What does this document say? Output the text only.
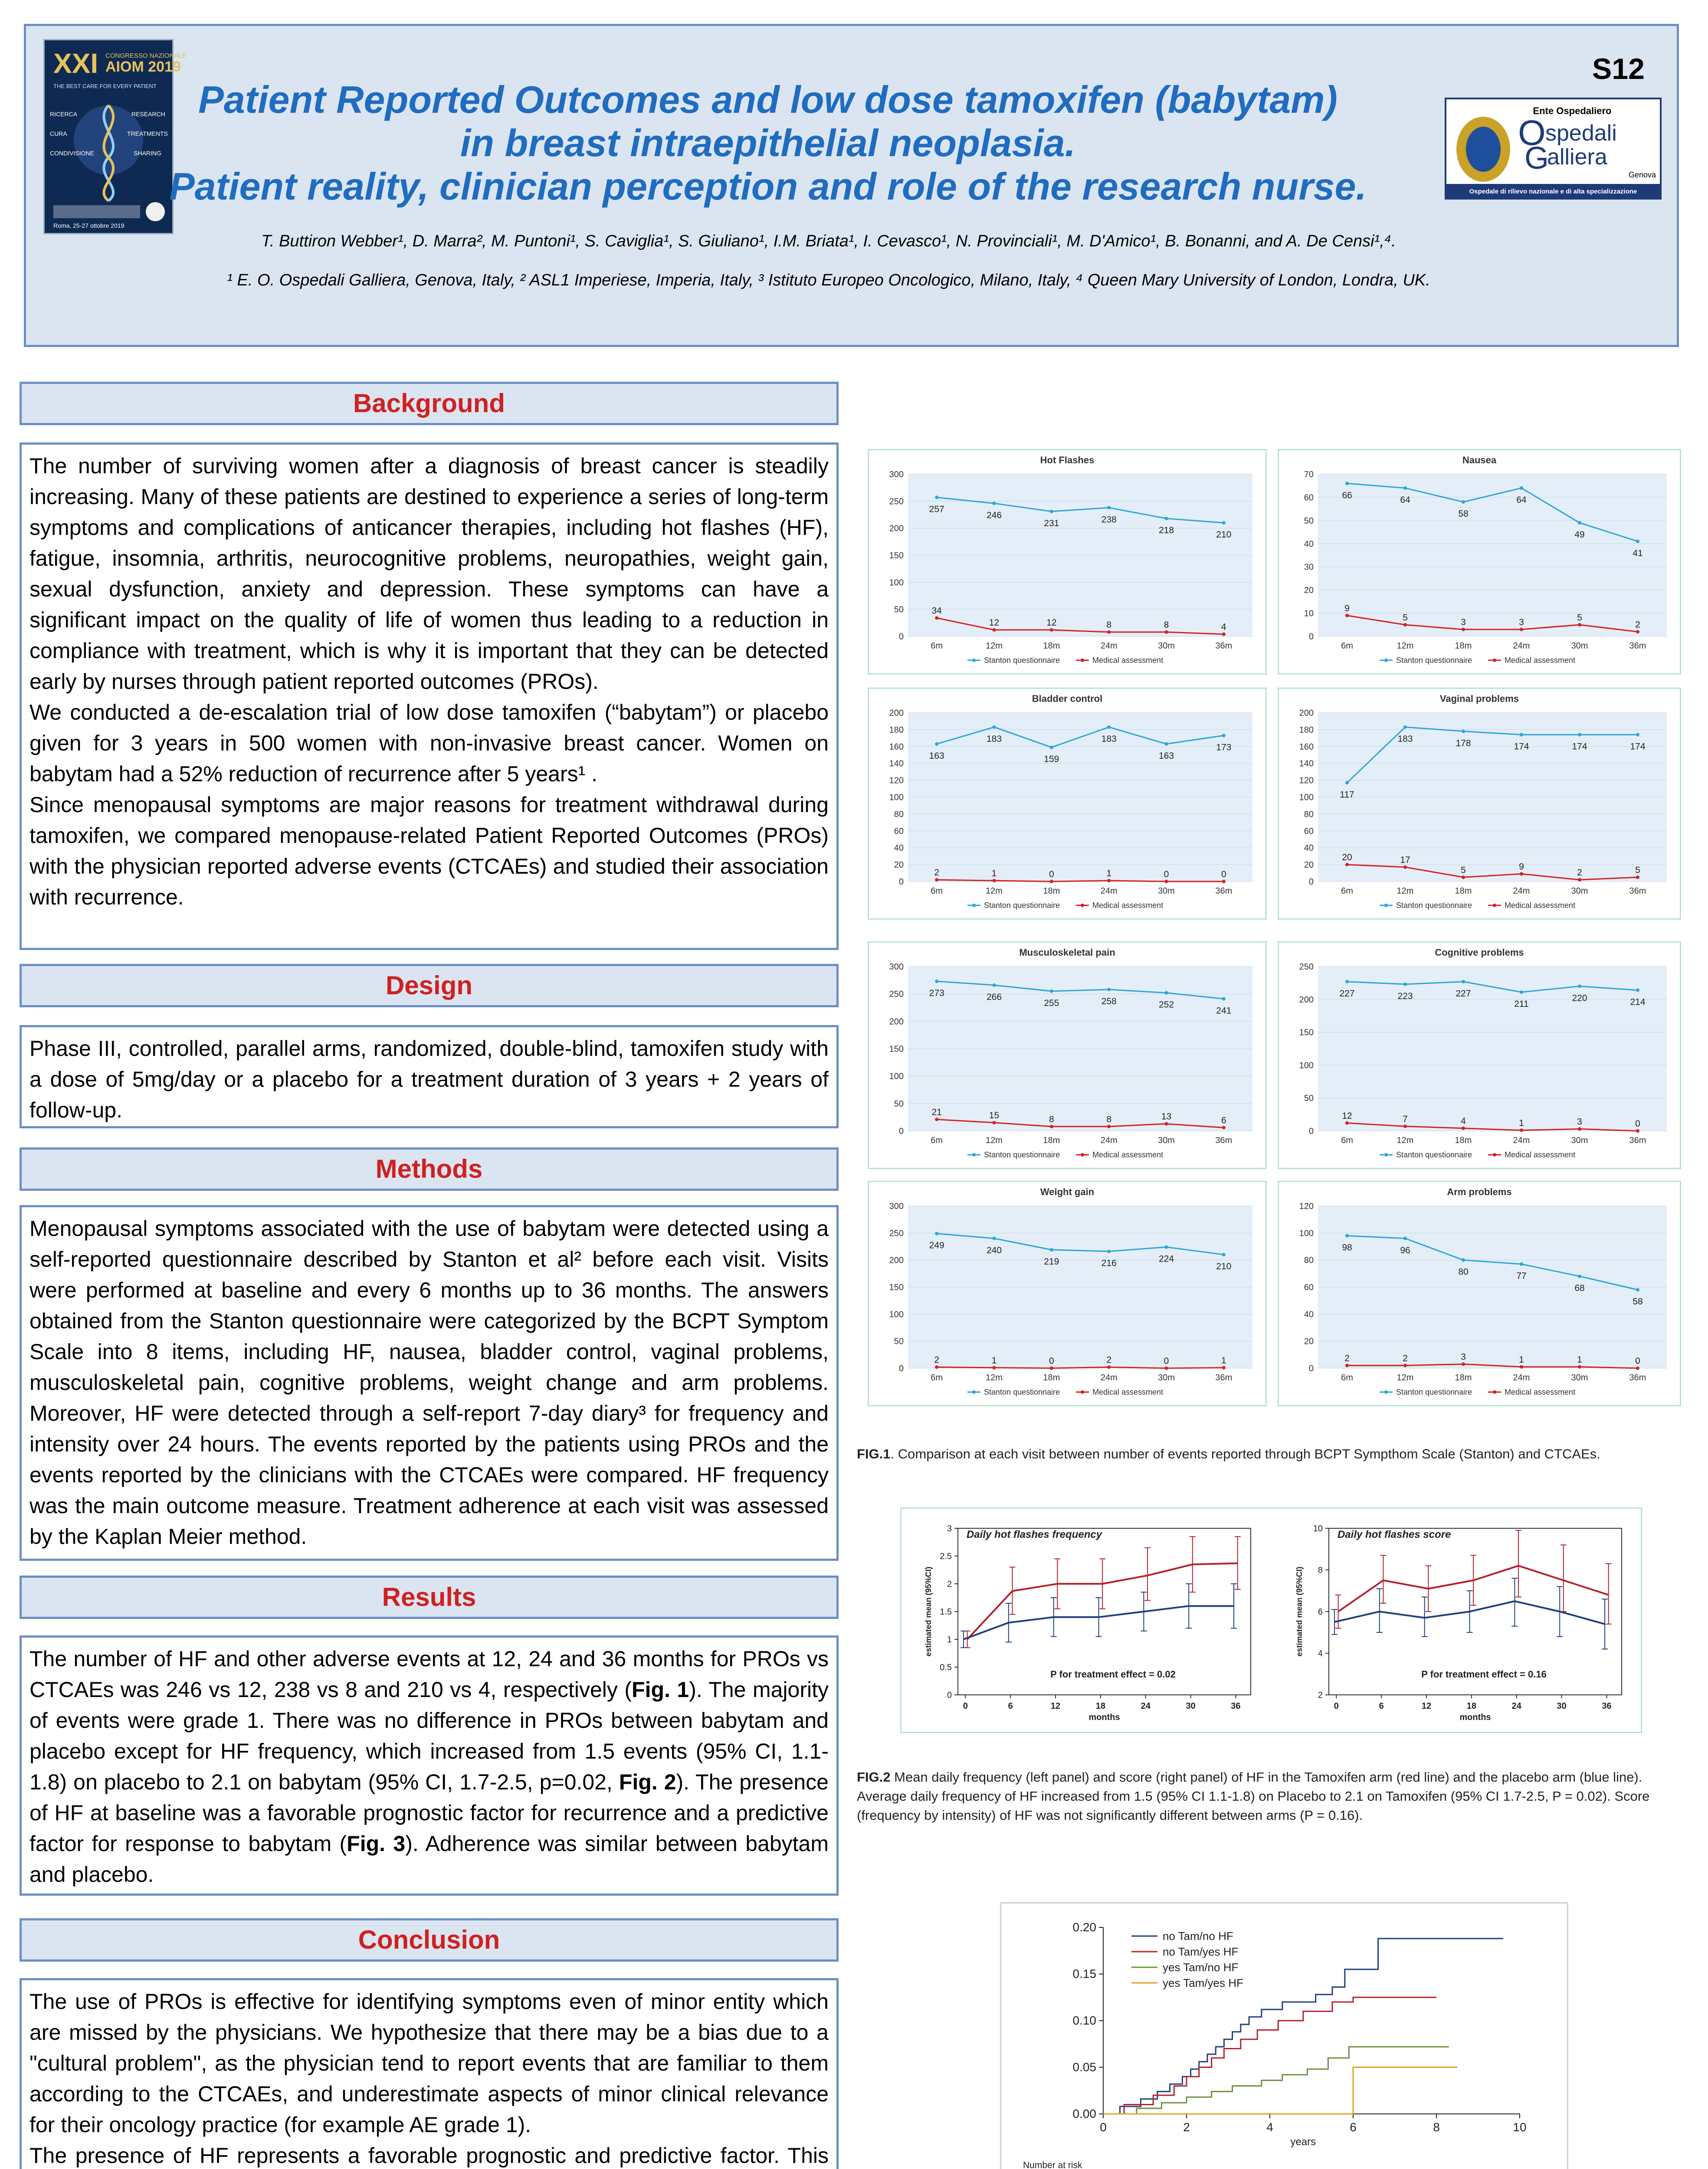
XXI CONGRESSO NAZIONALE
AIOM 2019
THE BEST CARE FOR EVERY PATIENT
RICERCA	RESEARCH
CURA	TREATMENTS
CONDIVISIONE	SHARING
Roma, 25-27 ottobre 2019
Patient Reported Outcomes and low dose tamoxifen (babytam)
in breast intraepithelial neoplasia.
Patient reality, clinician perception and role of the research nurse.
S12
T. Buttiron Webber¹, D. Marra², M. Puntoni¹, S. Caviglia¹, S. Giuliano¹, I.M. Briata¹, I. Cevasco¹, N. Provinciali¹, M. D'Amico¹, B. Bonanni, and A. De Censi¹,⁴.
¹ E. O. Ospedali Galliera, Genova, Italy, ² ASL1 Imperiese, Imperia, Italy, ³ Istituto Europeo Oncologico, Milano, Italy, ⁴ Queen Mary University of London, Londra, UK.
Ente Ospedaliero
O spedali
G
alliera
Genova
Ospedale di rilievo nazionale e di alta specializzazione
Background

The number of surviving women after a diagnosis of breast cancer is steadily increasing. Many of these patients are destined to experience a series of long-term symptoms and complications of anticancer therapies, including hot flashes (HF), fatigue, insomnia, arthritis, neurocognitive problems, neuropathies, weight gain, sexual dysfunction, anxiety and depression. These symptoms can have a significant impact on the quality of life of women thus leading to a reduction in compliance with treatment, which is why it is important that they can be detected early by nurses through patient reported outcomes (PROs).

We conducted a de-escalation trial of low dose tamoxifen (“babytam”) or placebo given for 3 years in 500 women with non-invasive breast cancer. Women on babytam had a 52% reduction of recurrence after 5 years¹ .

Since menopausal symptoms are major reasons for treatment withdrawal during tamoxifen, we compared menopause-related Patient Reported Outcomes (PROs) with the physician reported adverse events (CTCAEs) and studied their association with recurrence.

Design

Phase III, controlled, parallel arms, randomized, double-blind, tamoxifen study with a dose of 5mg/day or a placebo for a treatment duration of 3 years + 2 years of follow-up.

Methods

Menopausal symptoms associated with the use of babytam were detected using a self-reported questionnaire described by Stanton et al² before each visit. Visits were performed at baseline and every 6 months up to 36 months. The answers obtained from the Stanton questionnaire were categorized by the BCPT Symptom Scale into 8 items, including HF, nausea, bladder control, vaginal problems, musculoskeletal pain, cognitive problems, weight change and arm problems. Moreover, HF were detected through a self-report 7-day diary³ for frequency and intensity over 24 hours. The events reported by the patients using PROs and the events reported by the clinicians with the CTCAEs were compared. HF frequency was the main outcome measure. Treatment adherence at each visit was assessed by the Kaplan Meier method.

Results

The number of HF and other adverse events at 12, 24 and 36 months for PROs vs CTCAEs was 246 vs 12, 238 vs 8 and 210 vs 4, respectively (Fig. 1). The majority of events were grade 1. There was no difference in PROs between babytam and placebo except for HF frequency, which increased from 1.5 events (95% CI, 1.1-1.8) on placebo to 2.1 on babytam (95% CI, 1.7-2.5, p=0.02, Fig. 2). The presence of HF at baseline was a favorable prognostic factor for recurrence and a predictive factor for response to babytam (Fig. 3). Adherence was similar between babytam and placebo.

Conclusion

The use of PROs is effective for identifying symptoms even of minor entity which are missed by the physicians. We hypothesize that there may be a bias due to a "cultural problem", as the physician tend to report events that are familiar to them according to the CTCAEs, and underestimate aspects of minor clinical relevance for their oncology practice (for example AE grade 1).

The presence of HF represents a favorable prognostic and predictive factor. This

Hot Flashes
0
50
100
150
200
250
300
6m	12m	18m	24m	30m	36m
257
246
231	238
218	210
Stanton questionnaire
34
12	12	8	8	4
Medical assessment
Nausea
0
10
20
30
40
50
60
70
6m	12m	18m	24m	30m	36m
66	64
58
64
49
41
Stanton questionnaire
9
5	3	3	5
2
Medical assessment
Bladder control
0
20
40
60
80
100
120
140
160
180
200
6m	12m	18m	24m	30m	36m
163
183
159
183
163
173
Stanton questionnaire
2	1	0	1	0	0
Medical assessment
Vaginal problems
0
20
40
60
80
100
120
140
160
180
200
6m	12m	18m	24m	30m	36m
117
183	178	174	174	174
Stanton questionnaire
20	17
5	9
2	5
Medical assessment
Musculoskeletal pain
0
50
100
150
200
250
300
6m	12m	18m	24m	30m	36m
273	266
255	258	252
241
Stanton questionnaire
21	15	8	8	13	6
Medical assessment
Cognitive problems
0
50
100
150
200
250
6m	12m	18m	24m	30m	36m
227	223	227
211
220	214
Stanton questionnaire
12	7	4	1	3	0
Medical assessment
Weight gain
0
50
100
150
200
250
300
6m	12m	18m	24m	30m	36m
249	240
219	216	224
210
Stanton questionnaire
2	1	0	2	0	1
Medical assessment
Arm problems
0
20
40
60
80
100
120
6m	12m	18m	24m	30m	36m
98	96
80	77
68
58
Stanton questionnaire
2	2	3	1	1	0
Medical assessment
FIG.1. Comparison at each visit between number of events reported through BCPT Sympthom Scale (Stanton) and CTCAEs.
Daily hot flashes frequency
0
0.5
1
1.5
2
2.5
3
0	6	12	18	24	30	36
months
estimated mean (95%CI)
P for treatment effect = 0.02
Daily hot flashes score
2
4
6
8
10
0	6	12	18	24	30	36
months
estimated mean (95%CI)
P for treatment effect = 0.16
FIG.2 Mean daily frequency (left panel) and score (right panel) of HF in the Tamoxifen arm (red line) and the placebo arm (blue line). Average daily frequency of HF increased from 1.5 (95% CI 1.1-1.8) on Placebo to 2.1 on Tamoxifen (95% CI 1.7-2.5, P = 0.02). Score (frequency by intensity) of HF was not significantly different between arms (P = 0.16).
0.00
0.05
0.10
0.15
0.20
0	2	4	6	8	10
years
no Tam/no HF
no Tam/yes HF
yes Tam/no HF
yes Tam/yes HF
Number at risk
